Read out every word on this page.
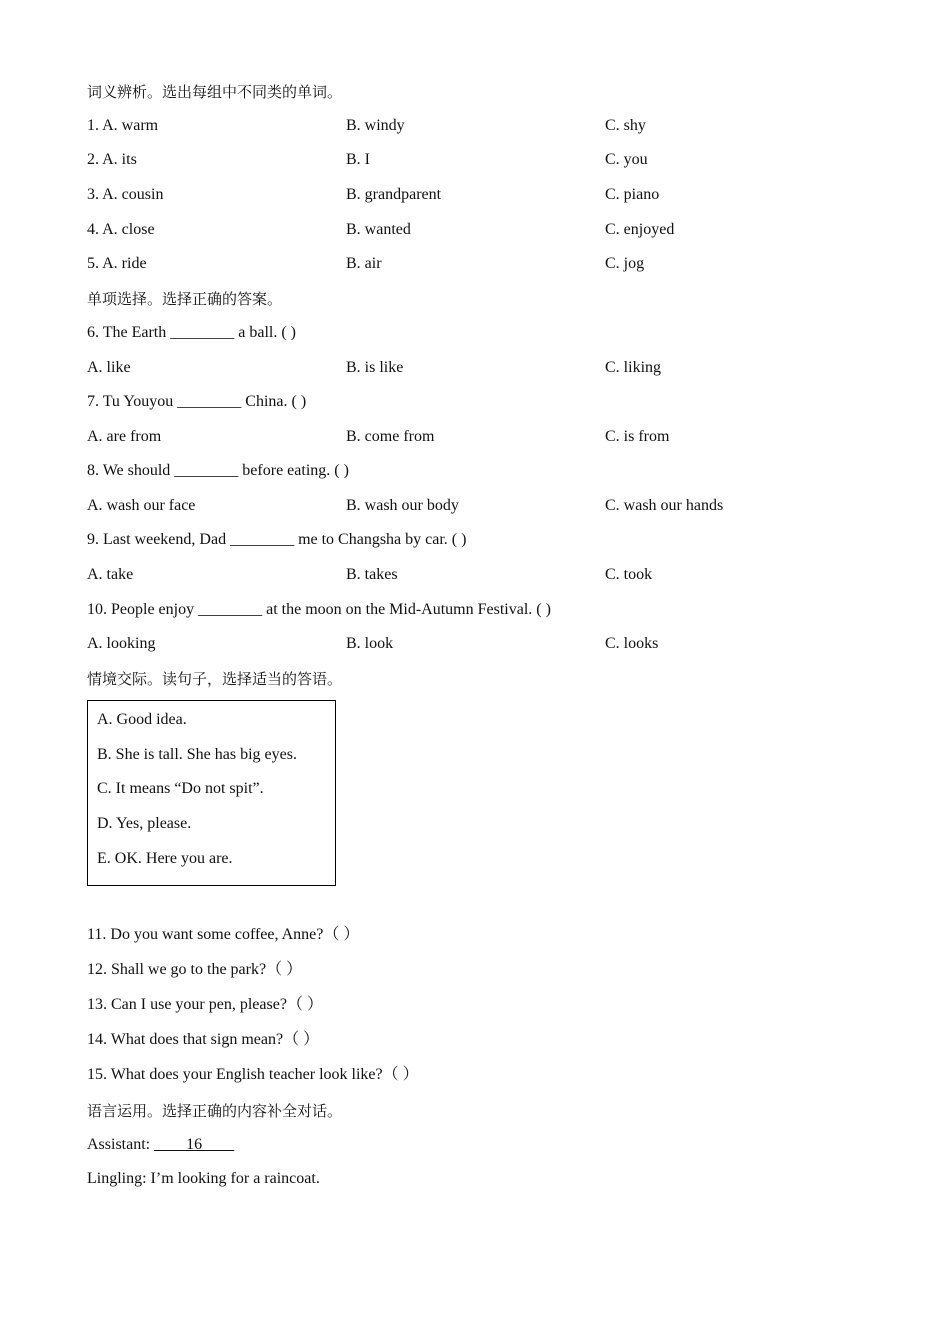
词义辨析。选出每组中不同类的单词。
1. A. warm	B. windy	C. shy
2. A. its	B. I	C. you
3. A. cousin	B. grandparent	C. piano
4. A. close	B. wanted	C. enjoyed
5. A. ride	B. air	C. jog
单项选择。选择正确的答案。
6. The Earth ________ a ball. ( )
A. like	B. is like	C. liking
7. Tu Youyou ________ China. ( )
A. are from	B. come from	C. is from
8. We should ________ before eating. ( )
A. wash our face	B. wash our body	C. wash our hands
9. Last weekend, Dad ________ me to Changsha by car. ( )
A. take	B. takes	C. took
10. People enjoy ________ at the moon on the Mid-Autumn Festival. ( )
A. looking	B. look	C. looks
情境交际。读句子，选择适当的答语。
A. Good idea.
B. She is tall. She has big eyes.
C. It means “Do not spit”.
D. Yes, please.
E. OK. Here you are.
11. Do you want some coffee, Anne?（ ）
12. Shall we go to the park?（ ）
13. Can I use your pen, please?（ ）
14. What does that sign mean?（ ）
15. What does your English teacher look like?（ ）
语言运用。选择正确的内容补全对话。
Assistant: ____16____
Lingling: I’m looking for a raincoat.
